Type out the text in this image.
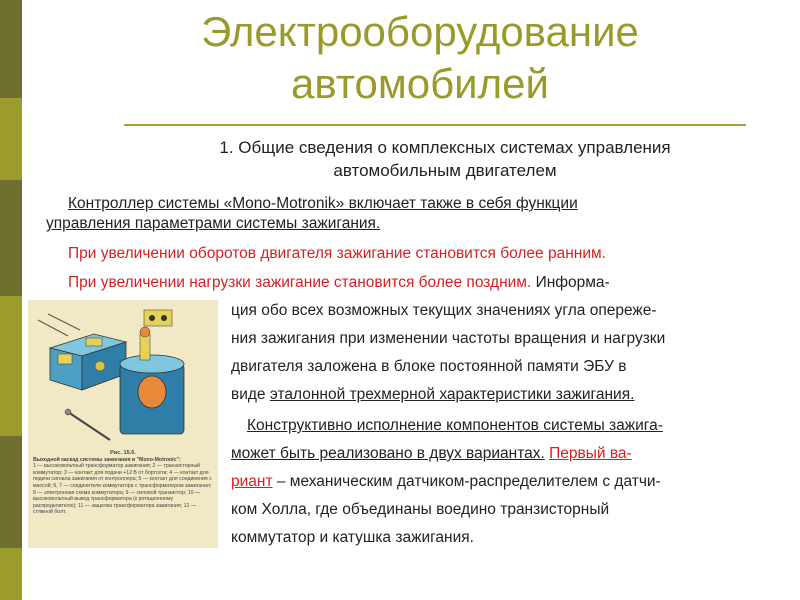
Электрооборудование
автомобилей
1. Общие сведения о комплексных системах управления
автомобильным двигателем
Контроллер системы «Mono-Motronik» включает также в себя функции
управления параметрами системы зажигания.
При увеличении оборотов двигателя зажигание становится более ранним.
При увеличении нагрузки зажигание становится более поздним. Информа-
ция обо всех возможных текущих значениях угла опереже-
ния зажигания при изменении частоты вращения и нагрузки
двигателя заложена в блоке постоянной памяти ЭБУ в
виде эталонной трехмерной характеристики зажигания.
Конструктивно исполнение компонентов системы зажига-
может быть реализовано в двух вариантах. Первый ва-
риант – механическим датчиком-распределителем с датчи-
ком Холла, где объединаны воедино транзисторный
коммутатор и катушка зажигания.
Рис. 15.6.
Выходной каскад системы зажигания в "Mono-Motronic":
1 — высоковольтный трансформатор зажигания; 2 — транзисторный коммутатор; 3 — контакт для подачи +12 В от бортсети; 4 — контакт для подачи сигнала зажигания от контроллера; 5 — контакт для соединения с массой; 6, 7 — соединители коммутатора с трансформатором зажигания; 8 — электронная схема коммутатора; 9 — силовой транзистор; 10 — высоковольтный вывод трансформатора (к ротационному распределителю); 11 — защелка трансформатора зажигания; 12 — стяжной болт.
